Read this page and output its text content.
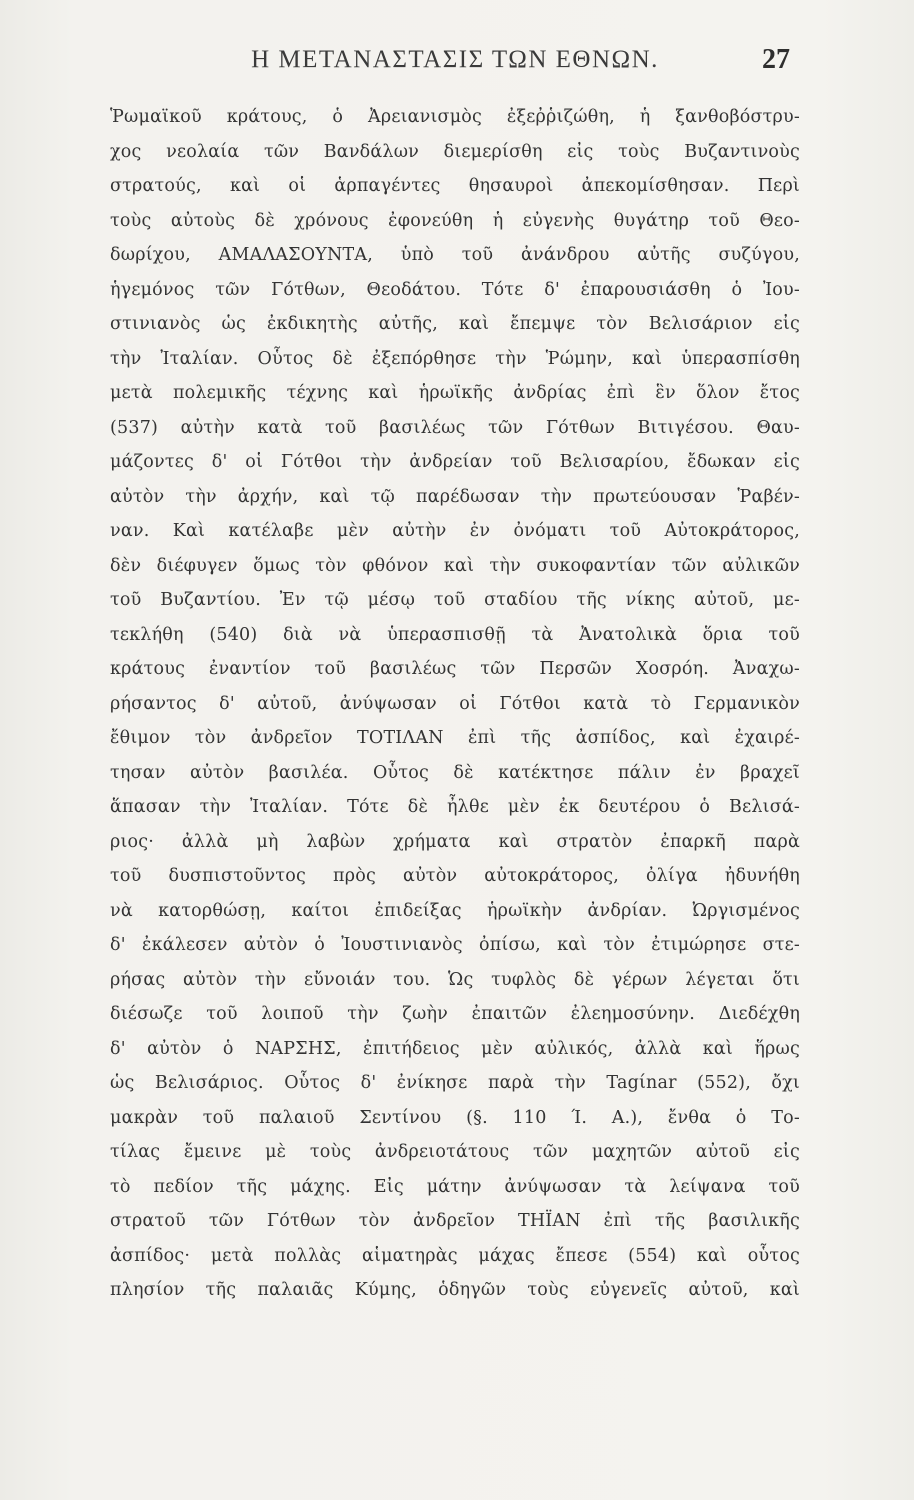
Η ΜΕΤΑΝΑΣΤΑΣΙΣ ΤΩΝ ΕΘΝΩΝ.	27
Ῥωμαϊκοῦ κράτους, ὁ Ἀρειανισμὸς ἐξεῤῥιζώθη, ἡ ξανθοβόστρυ-
χος νεολαία τῶν Βανδάλων διεμερίσθη εἰς τοὺς Βυζαντινοὺς
στρατούς, καὶ οἱ ἁρπαγέντες θησαυροὶ ἀπεκομίσθησαν. Περὶ
τοὺς αὐτοὺς δὲ χρόνους ἐφονεύθη ἡ εὐγενὴς θυγάτηρ τοῦ Θεο-
δωρίχου, ΑΜΑΛΑΣΟΥΝΤΑ, ὑπὸ τοῦ ἀνάνδρου αὐτῆς συζύγου,
ἡγεμόνος τῶν Γότθων, Θεοδάτου. Τότε δ' ἐπαρουσιάσθη ὁ Ἰου-
στινιανὸς ὡς ἐκδικητὴς αὐτῆς, καὶ ἔπεμψε τὸν Βελισάριον εἰς
τὴν Ἰταλίαν. Οὗτος δὲ ἐξεπόρθησε τὴν Ῥώμην, καὶ ὑπερασπίσθη
μετὰ πολεμικῆς τέχνης καὶ ἡρωϊκῆς ἀνδρίας ἐπὶ ἓν ὅλον ἔτος
(537) αὐτὴν κατὰ τοῦ βασιλέως τῶν Γότθων Βιτιγέσου. Θαυ-
μάζοντες δ' οἱ Γότθοι τὴν ἀνδρείαν τοῦ Βελισαρίου, ἔδωκαν εἰς
αὐτὸν τὴν ἀρχήν, καὶ τῷ παρέδωσαν τὴν πρωτεύουσαν Ῥαβέν-
ναν. Καὶ κατέλαβε μὲν αὐτὴν ἐν ὀνόματι τοῦ Αὐτοκράτορος,
δὲν διέφυγεν ὅμως τὸν φθόνον καὶ τὴν συκοφαντίαν τῶν αὐλικῶν
τοῦ Βυζαντίου. Ἐν τῷ μέσῳ τοῦ σταδίου τῆς νίκης αὐτοῦ, με-
τεκλήθη (540) διὰ νὰ ὑπερασπισθῇ τὰ Ἀνατολικὰ ὅρια τοῦ
κράτους ἐναντίον τοῦ βασιλέως τῶν Περσῶν Χοσρόη. Ἀναχω-
ρήσαντος δ' αὐτοῦ, ἀνύψωσαν οἱ Γότθοι κατὰ τὸ Γερμανικὸν
ἔθιμον τὸν ἀνδρεῖον ΤΟΤΙΛΑΝ ἐπὶ τῆς ἀσπίδος, καὶ ἐχαιρέ-
τησαν αὐτὸν βασιλέα. Οὗτος δὲ κατέκτησε πάλιν ἐν βραχεῖ
ἅπασαν τὴν Ἰταλίαν. Τότε δὲ ἦλθε μὲν ἐκ δευτέρου ὁ Βελισά-
ριος· ἀλλὰ μὴ λαβὼν χρήματα καὶ στρατὸν ἐπαρκῆ παρὰ
τοῦ δυσπιστοῦντος πρὸς αὐτὸν αὐτοκράτορος, ὀλίγα ἠδυνήθη
νὰ κατορθώσῃ, καίτοι ἐπιδείξας ἡρωϊκὴν ἀνδρίαν. Ὠργισμένος
δ' ἐκάλεσεν αὐτὸν ὁ Ἰουστινιανὸς ὀπίσω, καὶ τὸν ἐτιμώρησε στε-
ρήσας αὐτὸν τὴν εὔνοιάν του. Ὡς τυφλὸς δὲ γέρων λέγεται ὅτι
διέσωζε τοῦ λοιποῦ τὴν ζωὴν ἐπαιτῶν ἐλεημοσύνην. Διεδέχθη
δ' αὐτὸν ὁ ΝΑΡΣΗΣ, ἐπιτήδειος μὲν αὐλικός, ἀλλὰ καὶ ἥρως
ὡς Βελισάριος. Οὗτος δ' ἐνίκησε παρὰ τὴν Tagίnar (552), ὄχι
μακρὰν τοῦ παλαιοῦ Σεντίνου (§. 110 Ί. Α.), ἔνθα ὁ Το-
τίλας ἔμεινε μὲ τοὺς ἀνδρειοτάτους τῶν μαχητῶν αὐτοῦ εἰς
τὸ πεδίον τῆς μάχης. Εἰς μάτην ἀνύψωσαν τὰ λείψανα τοῦ
στρατοῦ τῶν Γότθων τὸν ἀνδρεῖον ΤΗΪΑΝ ἐπὶ τῆς βασιλικῆς
ἀσπίδος· μετὰ πολλὰς αἱματηρὰς μάχας ἔπεσε (554) καὶ οὗτος
πλησίον τῆς παλαιᾶς Κύμης, ὁδηγῶν τοὺς εὐγενεῖς αὐτοῦ, καὶ
